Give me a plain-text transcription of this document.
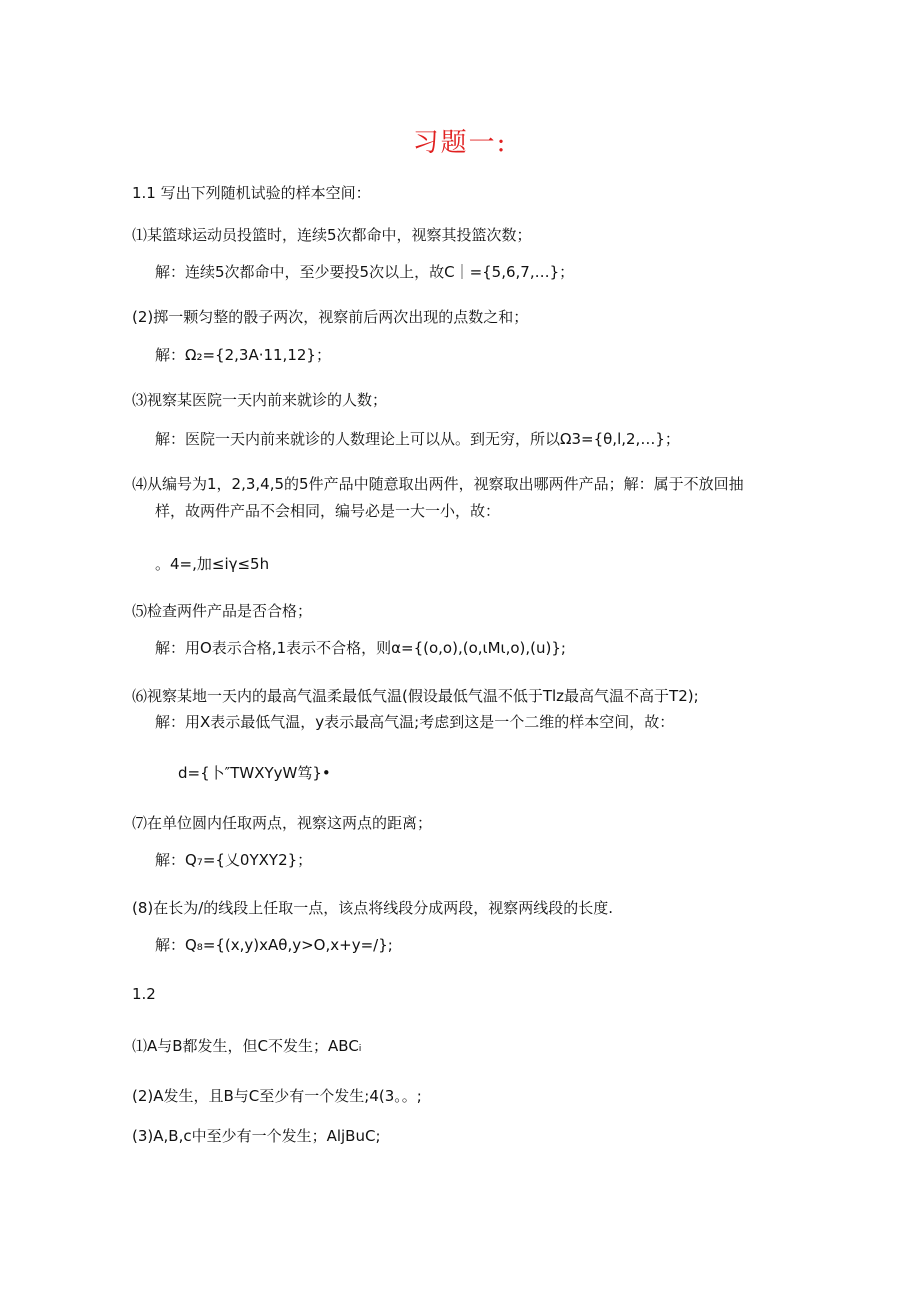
习题一:
1.1 写出下列随机试验的样本空间：
⑴某篮球运动员投篮时，连续5次都命中，视察其投篮次数；
解：连续5次都命中，至少要投5次以上，故C｜={5,6,7,…}；
(2)掷一颗匀整的骰子两次，视察前后两次出现的点数之和；
解：Ω₂={2,3A·11,12}；
⑶视察某医院一天内前来就诊的人数；
解：医院一天内前来就诊的人数理论上可以从。到无穷，所以Ω3={θ,l,2,…}；
⑷从编号为1，2,3,4,5的5件产品中随意取出两件，视察取出哪两件产品；解：属于不放回抽
样，故两件产品不会相同，编号必是一大一小，故：
。4=,加≤iγ≤5h
⑸检查两件产品是否合格；
解：用O表示合格,1表示不合格，则α={(o,o),(o,ιMι,o),(u)};
⑹视察某地一天内的最高气温柔最低气温(假设最低气温不低于Tlz最高气温不高于T2);
解：用X表示最低气温，y表示最高气温;考虑到这是一个二维的样本空间，故：
d={卜″TWXYyW笃}•
⑺在单位圆内任取两点，视察这两点的距离；
解：Q₇={乂0YXY2}；
(8)在长为/的线段上任取一点，该点将线段分成两段，视察两线段的长度.
解：Q₈={(x,y)xAθ,y>O,x+y=/};
1.2
⑴A与B都发生，但C不发生；ABCᵢ
(2)A发生，且B与C至少有一个发生;4(3。。;
(3)A,B,c中至少有一个发生；AljBuC;
